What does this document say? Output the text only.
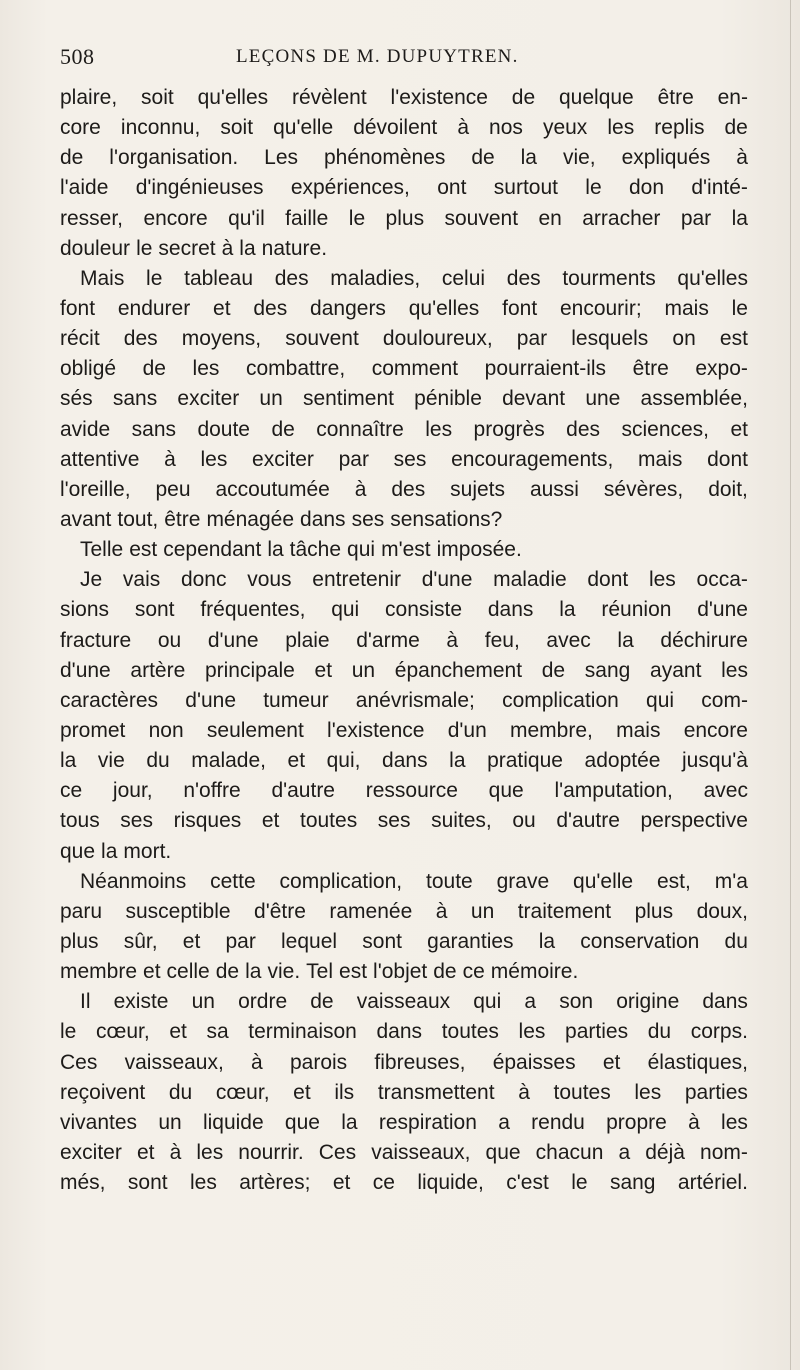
508	LEÇONS DE M. DUPUYTREN.
plaire, soit qu'elles révèlent l'existence de quelque être en-
core inconnu, soit qu'elle dévoilent à nos yeux les replis de
de l'organisation. Les phénomènes de la vie, expliqués à
l'aide d'ingénieuses expériences, ont surtout le don d'inté-
resser, encore qu'il faille le plus souvent en arracher par la
douleur le secret à la nature.
Mais le tableau des maladies, celui des tourments qu'elles
font endurer et des dangers qu'elles font encourir; mais le
récit des moyens, souvent douloureux, par lesquels on est
obligé de les combattre, comment pourraient-ils être expo-
sés sans exciter un sentiment pénible devant une assemblée,
avide sans doute de connaître les progrès des sciences, et
attentive à les exciter par ses encouragements, mais dont
l'oreille, peu accoutumée à des sujets aussi sévères, doit,
avant tout, être ménagée dans ses sensations?
Telle est cependant la tâche qui m'est imposée.
Je vais donc vous entretenir d'une maladie dont les occa-
sions sont fréquentes, qui consiste dans la réunion d'une
fracture ou d'une plaie d'arme à feu, avec la déchirure
d'une artère principale et un épanchement de sang ayant les
caractères d'une tumeur anévrismale; complication qui com-
promet non seulement l'existence d'un membre, mais encore
la vie du malade, et qui, dans la pratique adoptée jusqu'à
ce jour, n'offre d'autre ressource que l'amputation, avec
tous ses risques et toutes ses suites, ou d'autre perspective
que la mort.
Néanmoins cette complication, toute grave qu'elle est, m'a
paru susceptible d'être ramenée à un traitement plus doux,
plus sûr, et par lequel sont garanties la conservation du
membre et celle de la vie. Tel est l'objet de ce mémoire.
Il existe un ordre de vaisseaux qui a son origine dans
le cœur, et sa terminaison dans toutes les parties du corps.
Ces vaisseaux, à parois fibreuses, épaisses et élastiques,
reçoivent du cœur, et ils transmettent à toutes les parties
vivantes un liquide que la respiration a rendu propre à les
exciter et à les nourrir. Ces vaisseaux, que chacun a déjà nom-
més, sont les artères; et ce liquide, c'est le sang artériel.
